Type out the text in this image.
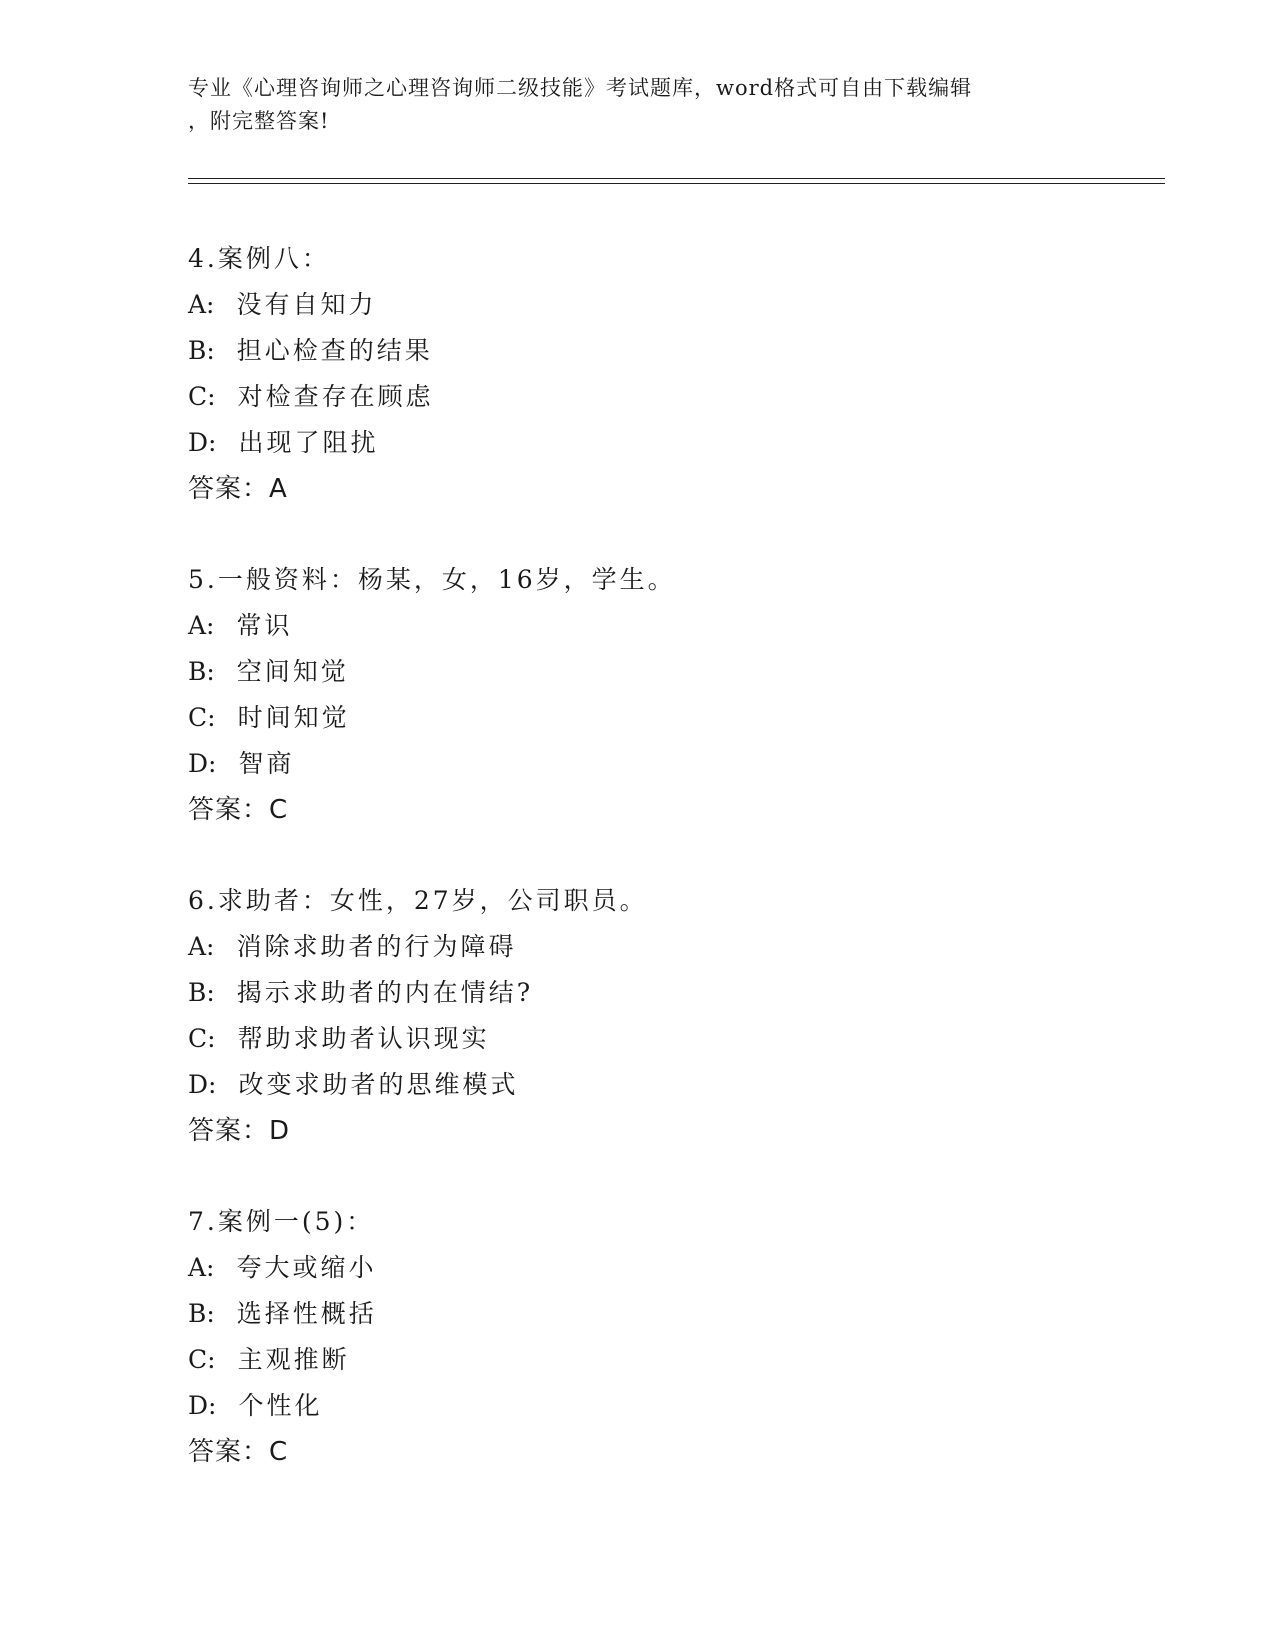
专业《心理咨询师之心理咨询师二级技能》考试题库，word格式可自由下载编辑
，附完整答案!
4.案例八：
A: 没有自知力
B: 担心检查的结果
C: 对检查存在顾虑
D: 出现了阻扰
答案：A
5.一般资料：杨某，女，16岁，学生。
A: 常识
B: 空间知觉
C: 时间知觉
D: 智商
答案：C
6.求助者：女性，27岁，公司职员。
A: 消除求助者的行为障碍
B: 揭示求助者的内在情结?
C: 帮助求助者认识现实
D: 改变求助者的思维模式
答案：D
7.案例一(5)：
A: 夸大或缩小
B: 选择性概括
C: 主观推断
D: 个性化
答案：C
